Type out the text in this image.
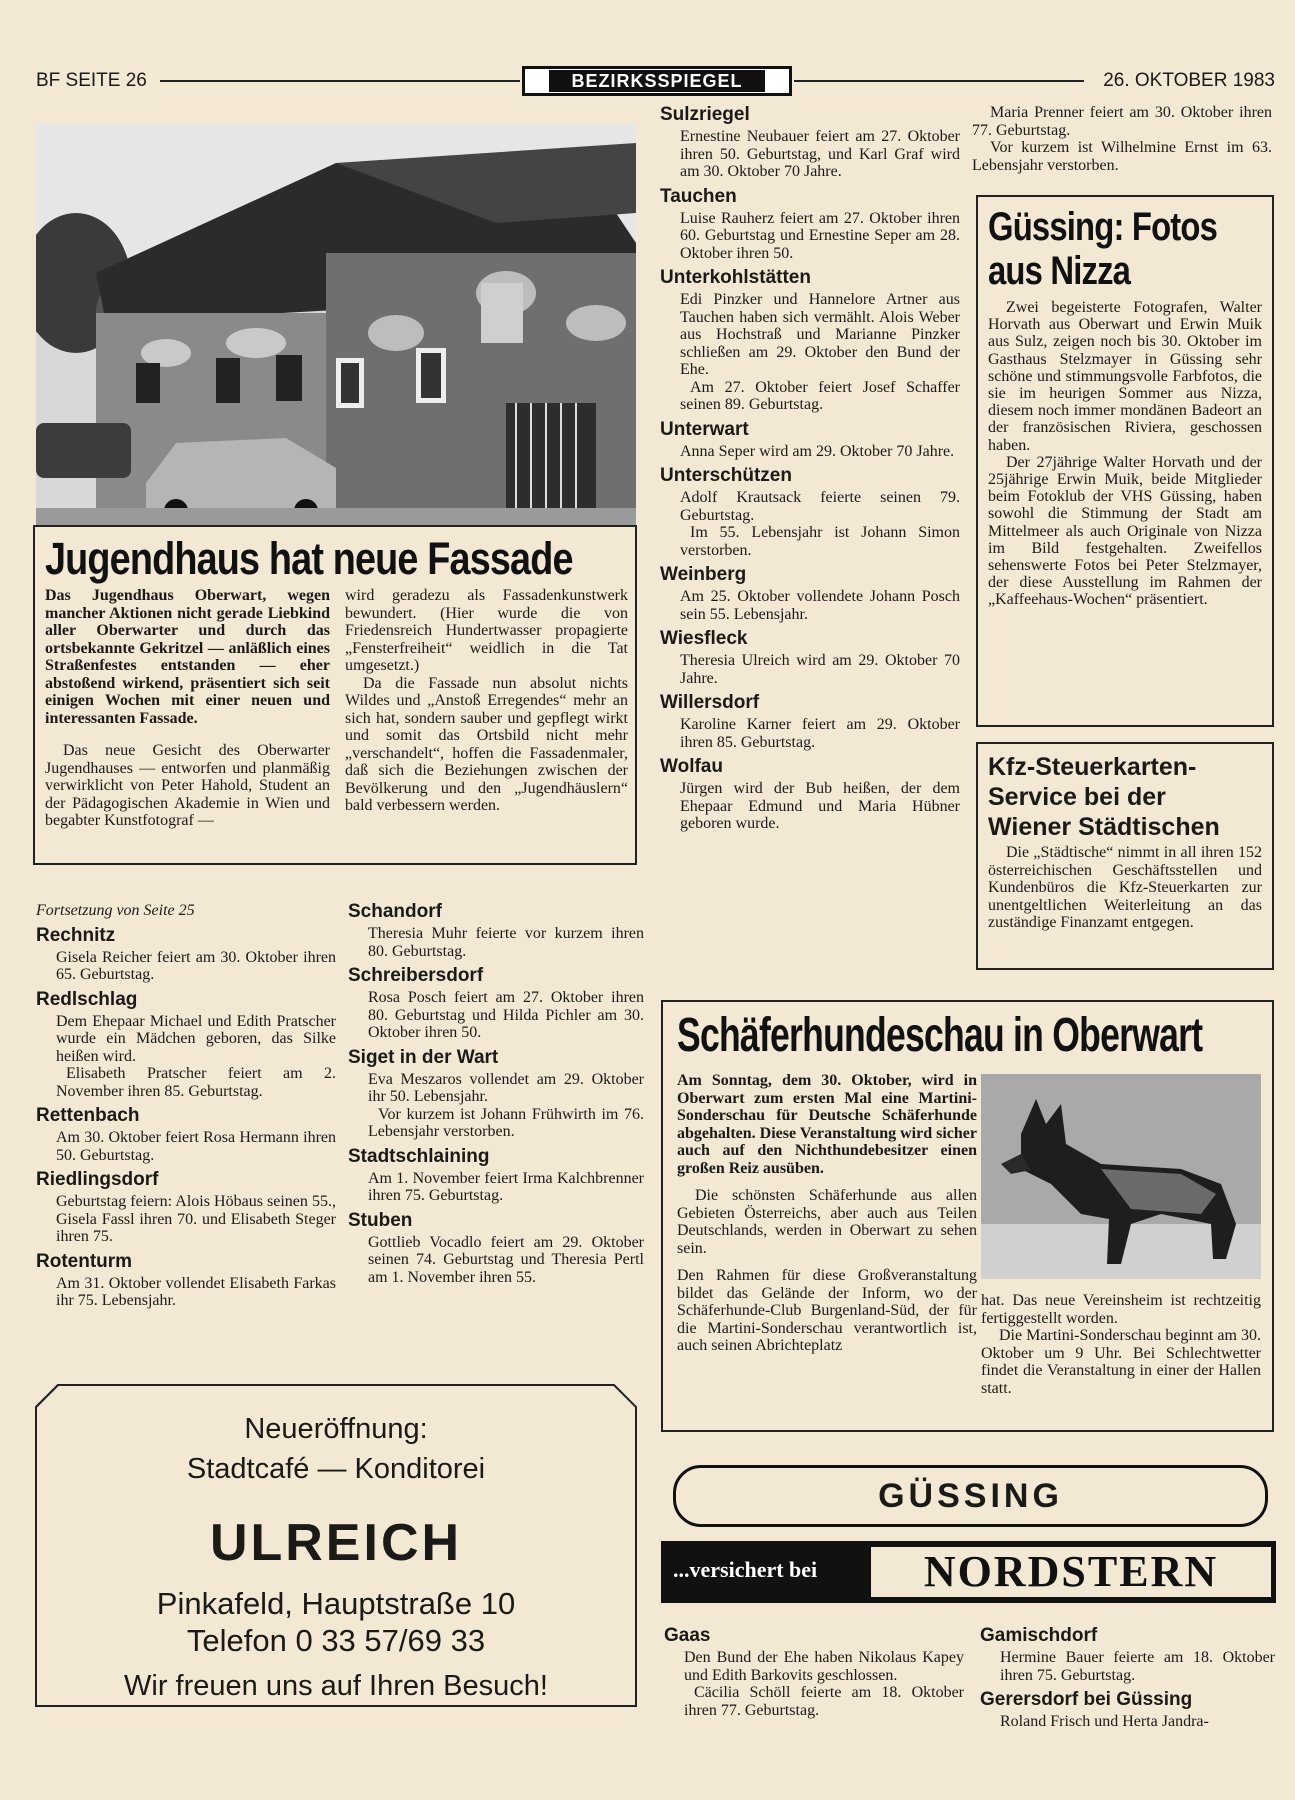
BF SEITE 26	BEZIRKSSPIEGEL	26. OKTOBER 1983
Jugendhaus hat neue Fassade

Das Jugendhaus Oberwart, wegen mancher Aktionen nicht gerade Liebkind aller Oberwarter und durch das ortsbekannte Gekritzel — anläßlich eines Straßenfestes entstanden — eher abstoßend wirkend, präsentiert sich seit einigen Wochen mit einer neuen und interessanten Fassade.

Das neue Gesicht des Oberwarter Jugendhauses — entworfen und planmäßig verwirklicht von Peter Hahold, Student an der Pädagogischen Akademie in Wien und begabter Kunstfotograf —

wird geradezu als Fassadenkunstwerk bewundert. (Hier wurde die von Friedensreich Hundertwasser propagierte „Fensterfreiheit“ weidlich in die Tat umgesetzt.)

Da die Fassade nun absolut nichts Wildes und „Anstoß Erregendes“ mehr an sich hat, sondern sauber und gepflegt wirkt und somit das Ortsbild nicht mehr „verschandelt“, hoffen die Fassadenmaler, daß sich die Beziehungen zwischen der Bevölkerung und den „Jugendhäuslern“ bald verbessern werden.

Fortsetzung von Seite 25
Rechnitz

Gisela Reicher feiert am 30. Oktober ihren 65. Geburtstag.

Redlschlag

Dem Ehepaar Michael und Edith Pratscher wurde ein Mädchen geboren, das Silke heißen wird.

Elisabeth Pratscher feiert am 2. November ihren 85. Geburtstag.

Rettenbach

Am 30. Oktober feiert Rosa Hermann ihren 50. Geburtstag.

Riedlingsdorf

Geburtstag feiern: Alois Höbaus seinen 55., Gisela Fassl ihren 70. und Elisabeth Steger ihren 75.

Rotenturm

Am 31. Oktober vollendet Elisabeth Farkas ihr 75. Lebensjahr.

Schandorf

Theresia Muhr feierte vor kurzem ihren 80. Geburtstag.

Schreibersdorf

Rosa Posch feiert am 27. Oktober ihren 80. Geburtstag und Hilda Pichler am 30. Oktober ihren 50.

Siget in der Wart

Eva Meszaros vollendet am 29. Oktober ihr 50. Lebensjahr.

Vor kurzem ist Johann Frühwirth im 76. Lebensjahr verstorben.

Stadtschlaining

Am 1. November feiert Irma Kalchbrenner ihren 75. Geburtstag.

Stuben

Gottlieb Vocadlo feiert am 29. Oktober seinen 74. Geburtstag und Theresia Pertl am 1. November ihren 55.

Sulzriegel

Ernestine Neubauer feiert am 27. Oktober ihren 50. Geburtstag, und Karl Graf wird am 30. Oktober 70 Jahre.

Tauchen

Luise Rauherz feiert am 27. Oktober ihren 60. Geburtstag und Ernestine Seper am 28. Oktober ihren 50.

Unterkohlstätten

Edi Pinzker und Hannelore Artner aus Tauchen haben sich vermählt. Alois Weber aus Hochstraß und Marianne Pinzker schließen am 29. Oktober den Bund der Ehe.

Am 27. Oktober feiert Josef Schaffer seinen 89. Geburtstag.

Unterwart

Anna Seper wird am 29. Oktober 70 Jahre.

Unterschützen

Adolf Krautsack feierte seinen 79. Geburtstag.

Im 55. Lebensjahr ist Johann Simon verstorben.

Weinberg

Am 25. Oktober vollendete Johann Posch sein 55. Lebensjahr.

Wiesfleck

Theresia Ulreich wird am 29. Oktober 70 Jahre.

Willersdorf

Karoline Karner feiert am 29. Oktober ihren 85. Geburtstag.

Wolfau

Jürgen wird der Bub heißen, der dem Ehepaar Edmund und Maria Hübner geboren wurde.

Maria Prenner feiert am 30. Oktober ihren 77. Geburtstag.

Vor kurzem ist Wilhelmine Ernst im 63. Lebensjahr verstorben.

Güssing: Fotos
aus Nizza

Zwei begeisterte Fotografen, Walter Horvath aus Oberwart und Erwin Muik aus Sulz, zeigen noch bis 30. Oktober im Gasthaus Stelzmayer in Güssing sehr schöne und stimmungsvolle Farbfotos, die sie im heurigen Sommer aus Nizza, diesem noch immer mondänen Badeort an der französischen Riviera, geschossen haben.

Der 27jährige Walter Horvath und der 25jährige Erwin Muik, beide Mitglieder beim Fotoklub der VHS Güssing, haben sowohl die Stimmung der Stadt am Mittelmeer als auch Originale von Nizza im Bild festgehalten. Zweifellos sehenswerte Fotos bei Peter Stelzmayer, der diese Ausstellung im Rahmen der „Kaffeehaus-Wochen“ präsentiert.

Kfz-Steuerkarten-
Service bei der
Wiener Städtischen

Die „Städtische“ nimmt in all ihren 152 österreichischen Geschäftsstellen und Kundenbüros die Kfz-Steuerkarten zur unentgeltlichen Weiterleitung an das zuständige Finanzamt entgegen.

Schäferhundeschau in Oberwart

Am Sonntag, dem 30. Oktober, wird in Oberwart zum ersten Mal eine Martini-Sonderschau für Deutsche Schäferhunde abgehalten. Diese Veranstaltung wird sicher auch auf den Nichthundebesitzer einen großen Reiz ausüben.

Die schönsten Schäferhunde aus allen Gebieten Österreichs, aber auch aus Teilen Deutschlands, werden in Oberwart zu sehen sein.

Den Rahmen für diese Großveranstaltung bildet das Gelände der Inform, wo der Schäferhunde-Club Burgenland-Süd, der für die Martini-Sonderschau verantwortlich ist, auch seinen Abrichteplatz

hat. Das neue Vereinsheim ist rechtzeitig fertiggestellt worden.

Die Martini-Sonderschau beginnt am 30. Oktober um 9 Uhr. Bei Schlechtwetter findet die Veranstaltung in einer der Hallen statt.

Neueröffnung:
Stadtcafé — Konditorei
ULREICH
Pinkafeld, Hauptstraße 10
Telefon 0 33 57/69 33
Wir freuen uns auf Ihren Besuch!
GÜSSING
...versichert bei	NORDSTERN
Gaas

Den Bund der Ehe haben Nikolaus Kapey und Edith Barkovits geschlossen.

Cäcilia Schöll feierte am 18. Oktober ihren 77. Geburtstag.

Gamischdorf

Hermine Bauer feierte am 18. Oktober ihren 75. Geburtstag.

Gerersdorf bei Güssing

Roland Frisch und Herta Jandra-
